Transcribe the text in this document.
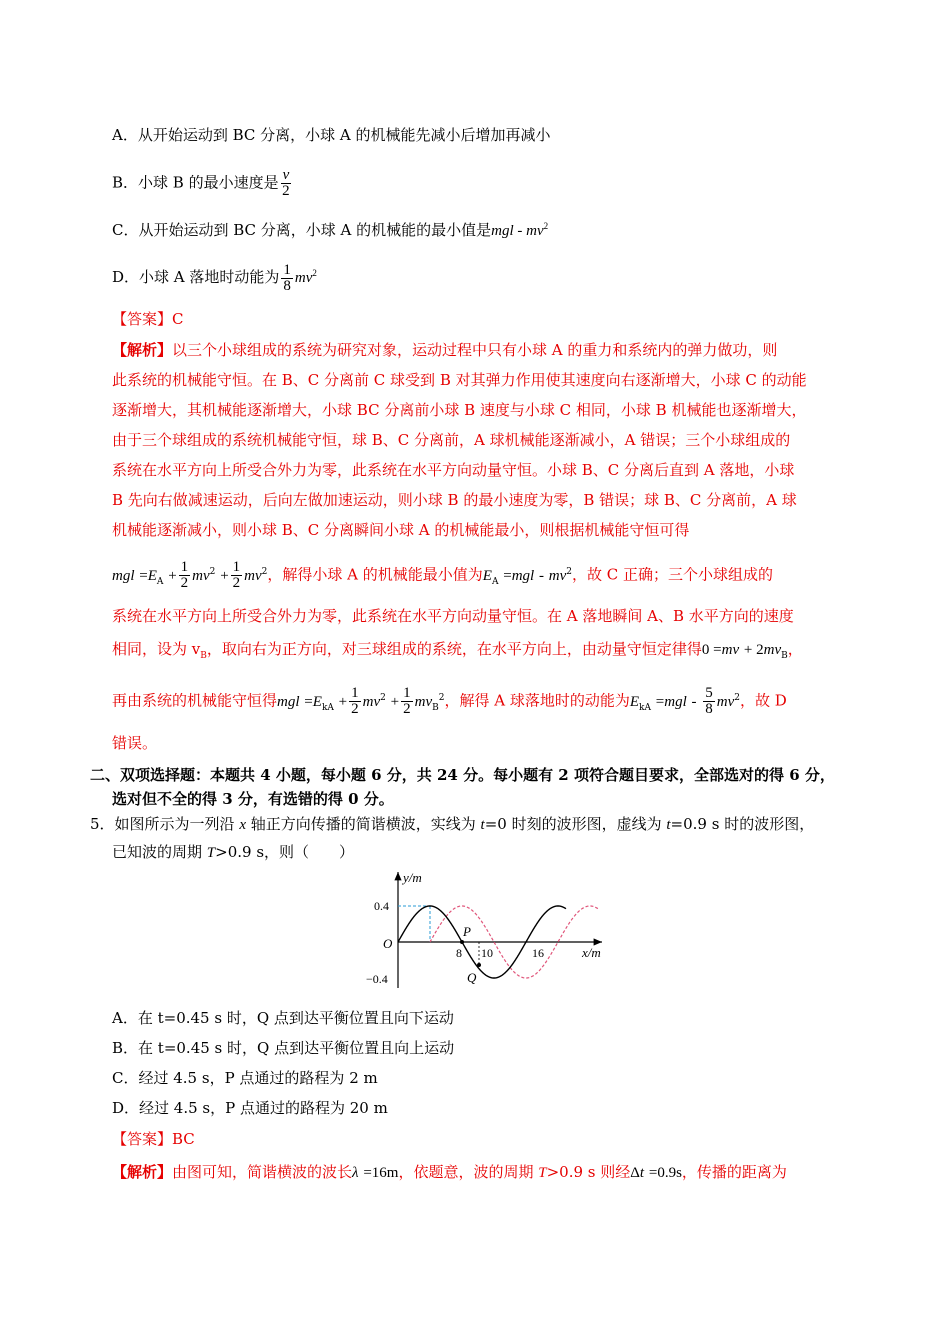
A．从开始运动到 BC 分离，小球 A 的机械能先减小后增加再减小
B．小球 B 的最小速度是 $\frac{v}{2}$
C．从开始运动到 BC 分离，小球 A 的机械能的最小值是mgl - $mv^2$
D．小球 A 落地时动能为 $\frac{1}{8} mv^2$
【答案】C
【解析】以三个小球组成的系统为研究对象，运动过程中只有小球 A 的重力和系统内的弹力做功，则
此系统的机械能守恒。在 B、C 分离前 C 球受到 B 对其弹力作用使其速度向右逐渐增大，小球 C 的动能
逐渐增大，其机械能逐渐增大，小球 BC 分离前小球 B 速度与小球 C 相同，小球 B 机械能也逐渐增大，
由于三个球组成的系统机械能守恒，球 B、C 分离前，A 球机械能逐渐减小，A 错误；三个小球组成的
系统在水平方向上所受合外力为零，此系统在水平方向动量守恒。小球 B、C 分离后直到 A 落地，小球
B 先向右做减速运动，后向左做加速运动，则小球 B 的最小速度为零，B 错误；球 B、C 分离前，A 球
机械能逐渐减小，则小球 B、C 分离瞬间小球 A 的机械能最小，则根据机械能守恒可得
mgl $=E_A + \frac{1}{2} mv^2 + \frac{1}{2} mv^2$，解得小球 A 的机械能最小值为$E_A =mgl - mv^2$，故 C 正确；三个小球组成的
系统在水平方向上所受合外力为零，此系统在水平方向动量守恒。在 A 落地瞬间 A、B 水平方向的速度
相同，设为 $v_B$，取向右为正方向，对三球组成的系统，在水平方向上，由动量守恒定律得$0 =mv + 2mv_B$，
再由系统的机械能守恒得mgl $=E_{kA} + \frac{1}{2} mv^2 + \frac{1}{2} mv_B^2$，解得 A 球落地时的动能为$E_{kA} =mgl - \frac{5}{8} mv^2$，故 D
错误。
二、双项选择题：本题共 4 小题，每小题 6 分，共 24 分。每小题有 2 项符合题目要求，全部选对的得 6 分，
选对但不全的得 3 分，有选错的得 0 分。
5．如图所示为一列沿 x 轴正方向传播的简谐横波，实线为 t=0 时刻的波形图，虚线为 t=0.9 s 时的波形图，
已知波的周期 T>0.9 s，则（　　）
y/m
x/m
O
0.4
−0.4
8 10	16
P
Q
A．在 t=0.45 s 时，Q 点到达平衡位置且向下运动
B．在 t=0.45 s 时，Q 点到达平衡位置且向上运动
C．经过 4.5 s，P 点通过的路程为 2 m
D．经过 4.5 s，P 点通过的路程为 20 m
【答案】BC
【解析】由图可知，简谐横波的波长λ =16m，依题意，波的周期 T>0.9 s 则经Δt =0.9s，传播的距离为
